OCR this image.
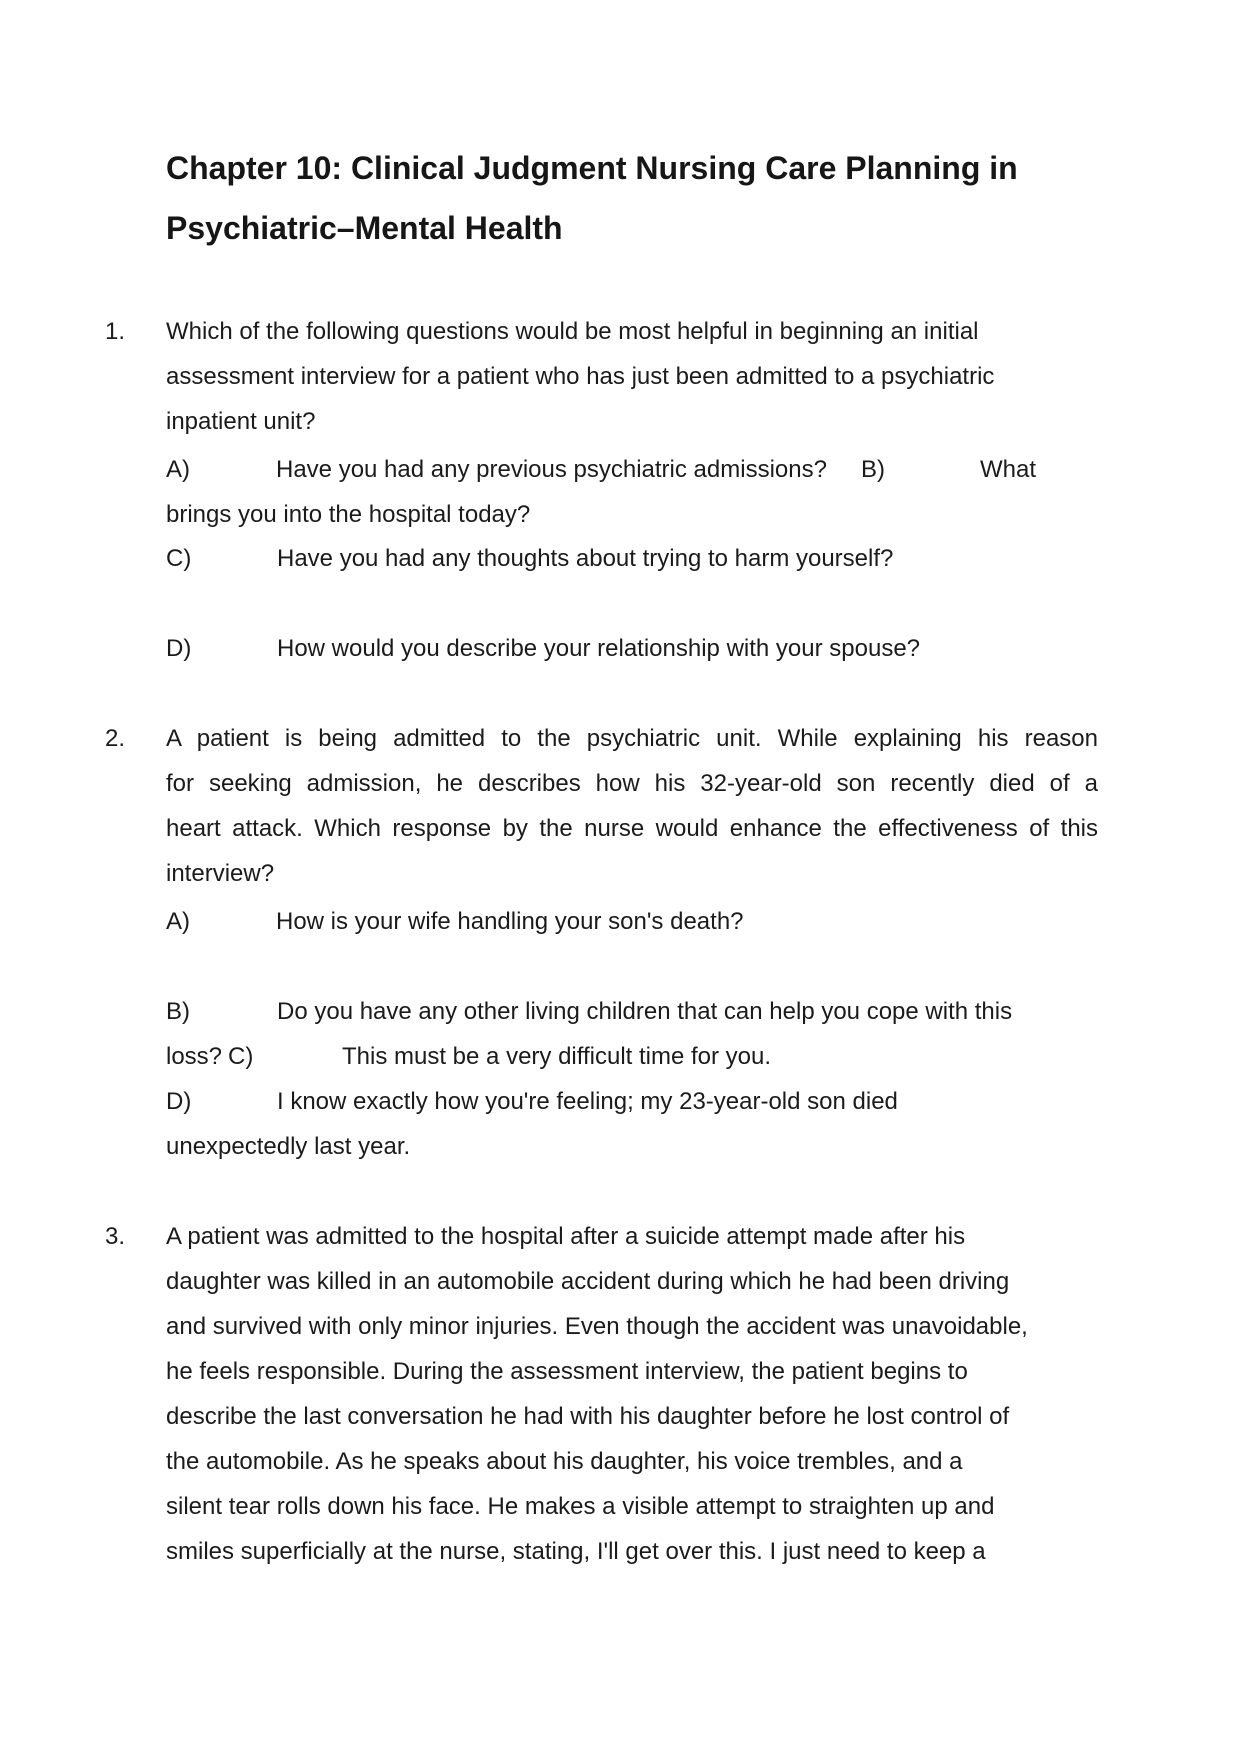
Chapter 10: Clinical Judgment Nursing Care Planning in Psychiatric–Mental Health
1. Which of the following questions would be most helpful in beginning an initial
assessment interview for a patient who has just been admitted to a psychiatric
inpatient unit?
A)	Have you had any previous psychiatric admissions? B)	What
brings you into the hospital today?
C)	Have you had any thoughts about trying to harm yourself?
D)	How would you describe your relationship with your spouse?
2. A patient is being admitted to the psychiatric unit. While explaining his reason
for seeking admission, he describes how his 32-year-old son recently died of a
heart attack. Which response by the nurse would enhance the effectiveness of this
interview?
A)	How is your wife handling your son's death?
B)	Do you have any other living children that can help you cope with this
loss? C)	This must be a very difficult time for you.
D)	I know exactly how you're feeling; my 23-year-old son died
unexpectedly last year.
3. A patient was admitted to the hospital after a suicide attempt made after his
daughter was killed in an automobile accident during which he had been driving
and survived with only minor injuries. Even though the accident was unavoidable,
he feels responsible. During the assessment interview, the patient begins to
describe the last conversation he had with his daughter before he lost control of
the automobile. As he speaks about his daughter, his voice trembles, and a
silent tear rolls down his face. He makes a visible attempt to straighten up and
smiles superficially at the nurse, stating, I'll get over this. I just need to keep a
